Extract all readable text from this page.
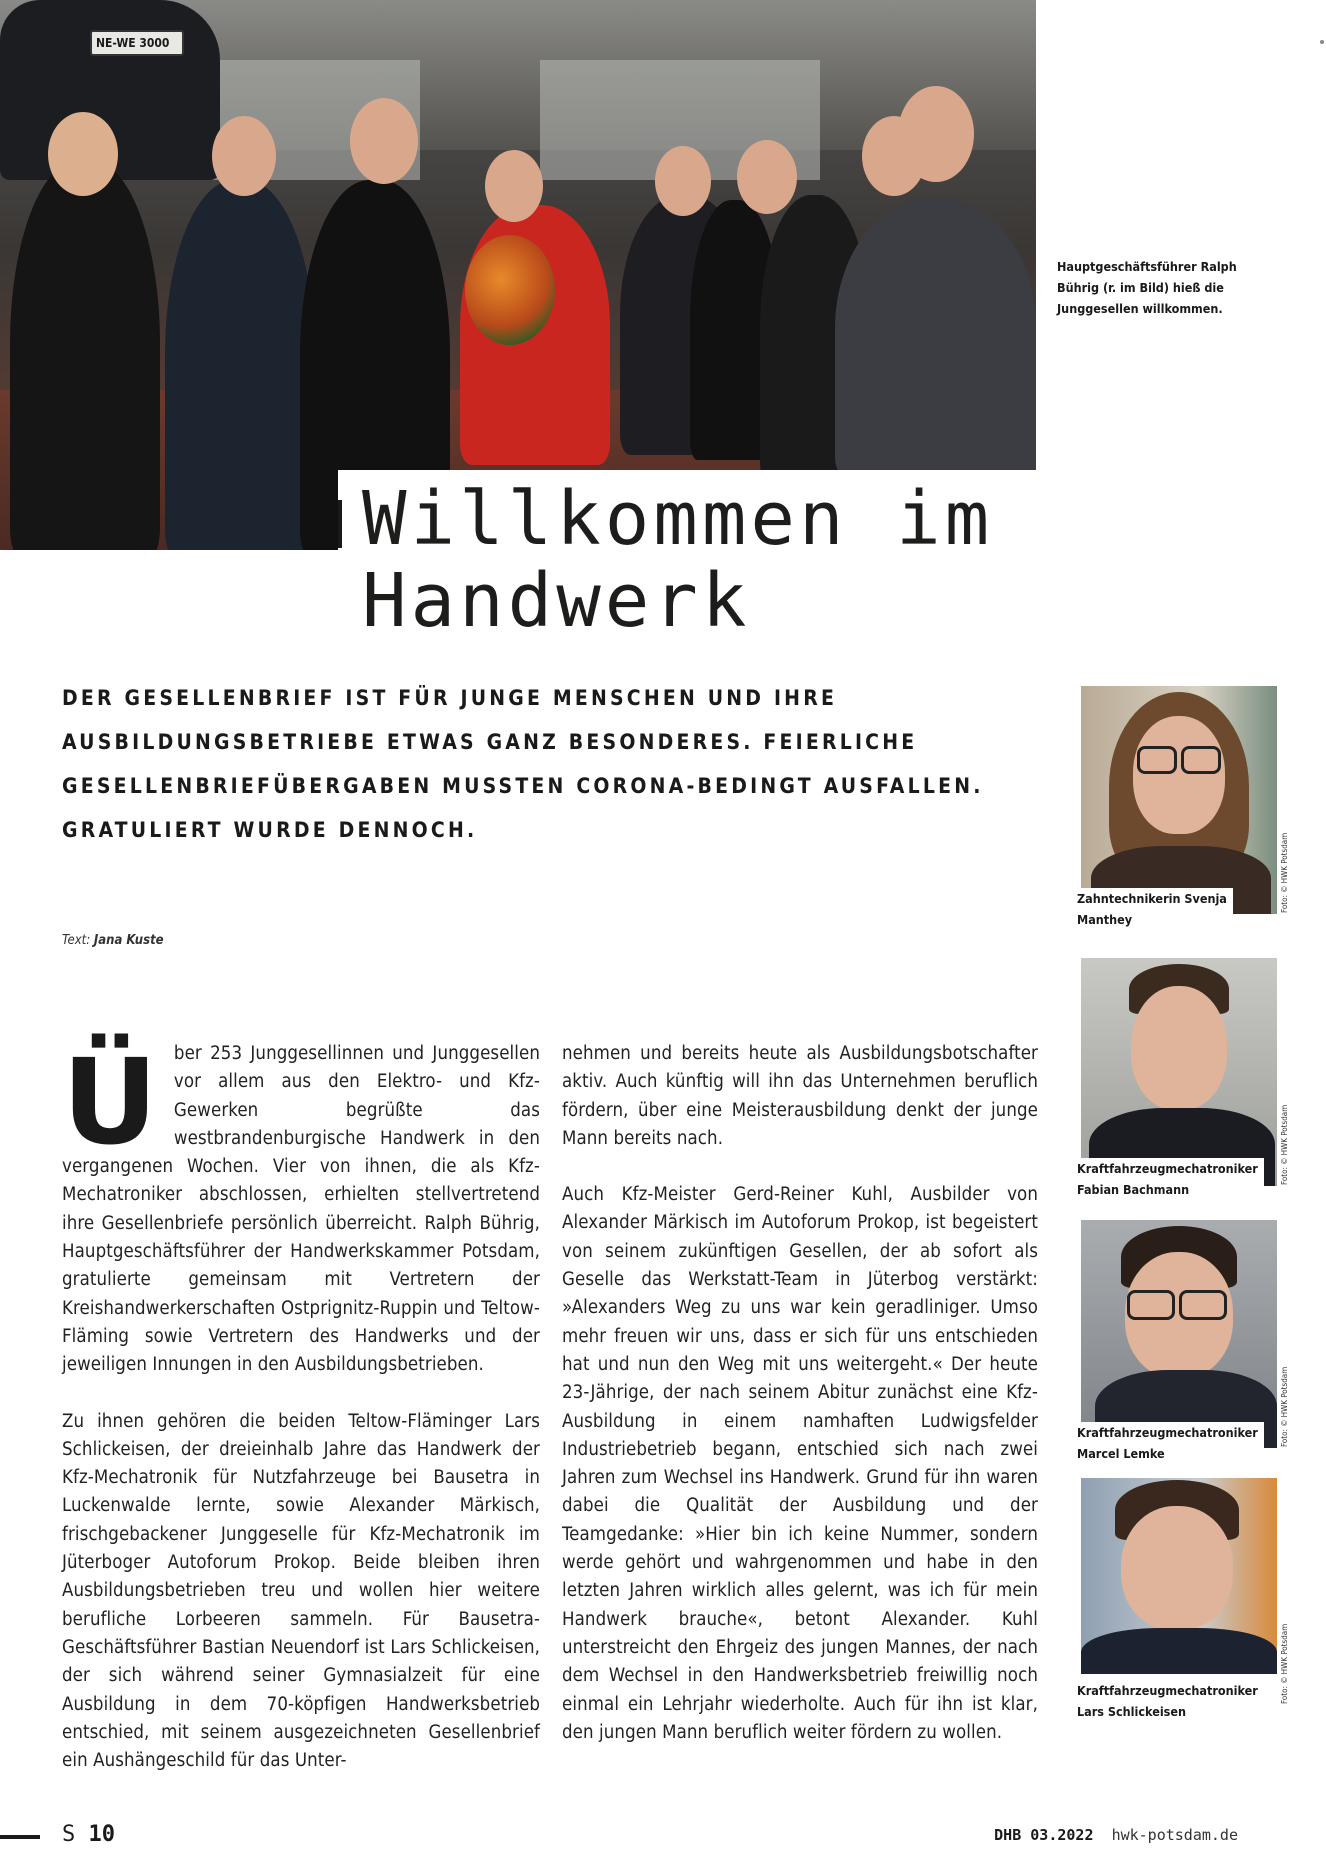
NE-WE 3000
Hauptgeschäftsführer Ralph Bührig (r. im Bild) hieß die Junggesellen willkommen.
Willkommen im
Handwerk

DER GESELLENBRIEF IST FÜR JUNGE MENSCHEN UND IHRE AUSBILDUNGSBETRIEBE ETWAS GANZ BESONDERES. FEIERLICHE GESELLENBRIEFÜBERGABEN MUSSTEN CORONA-BEDINGT AUSFALLEN. GRATULIERT WURDE DENNOCH.

Text: Jana Kuste

Über 253 Junggesellinnen und Junggesellen vor allem aus den Elektro- und Kfz-Gewerken begrüßte das westbrandenburgische Handwerk in den vergangenen Wochen. Vier von ihnen, die als Kfz-Mechatroniker abschlossen, erhielten stellvertretend ihre Gesellenbriefe persönlich überreicht. Ralph Bührig, Hauptgeschäftsführer der Handwerkskammer Potsdam, gratulierte gemeinsam mit Vertretern der Kreishandwerkerschaften Ostprignitz-Ruppin und Teltow-Fläming sowie Vertretern des Handwerks und der jeweiligen Innungen in den Ausbildungsbetrieben.

Zu ihnen gehören die beiden Teltow-Fläminger Lars Schlickeisen, der dreieinhalb Jahre das Handwerk der Kfz-Mechatronik für Nutzfahrzeuge bei Bausetra in Luckenwalde lernte, sowie Alexander Märkisch, frischgebackener Junggeselle für Kfz-Mechatronik im Jüterboger Autoforum Prokop. Beide bleiben ihren Ausbildungsbetrieben treu und wollen hier weitere berufliche Lorbeeren sammeln. Für Bausetra-Geschäftsführer Bastian Neuendorf ist Lars Schlickeisen, der sich während seiner Gymnasialzeit für eine Ausbildung in dem 70-köpfigen Handwerksbetrieb entschied, mit seinem ausgezeichneten Gesellenbrief ein Aushängeschild für das Unter-

nehmen und bereits heute als Ausbildungsbotschafter aktiv. Auch künftig will ihn das Unternehmen beruflich fördern, über eine Meisterausbildung denkt der junge Mann bereits nach.

Auch Kfz-Meister Gerd-Reiner Kuhl, Ausbilder von Alexander Märkisch im Autoforum Prokop, ist begeistert von seinem zukünftigen Gesellen, der ab sofort als Geselle das Werkstatt-Team in Jüterbog verstärkt: »Alexanders Weg zu uns war kein geradliniger. Umso mehr freuen wir uns, dass er sich für uns entschieden hat und nun den Weg mit uns weitergeht.« Der heute 23-Jährige, der nach seinem Abitur zunächst eine Kfz-Ausbildung in einem namhaften Ludwigsfelder Industriebetrieb begann, entschied sich nach zwei Jahren zum Wechsel ins Handwerk. Grund für ihn waren dabei die Qualität der Ausbildung und der Teamgedanke: »Hier bin ich keine Nummer, sondern werde gehört und wahrgenommen und habe in den letzten Jahren wirklich alles gelernt, was ich für mein Handwerk brauche«, betont Alexander. Kuhl unterstreicht den Ehrgeiz des jungen Mannes, der nach dem Wechsel in den Handwerksbetrieb freiwillig noch einmal ein Lehrjahr wiederholte. Auch für ihn ist klar, den jungen Mann beruflich weiter fördern zu wollen.

Foto: © HWK Potsdam
Zahntechnikerin Svenja
Manthey
Foto: © HWK Potsdam
Kraftfahrzeugmechatroniker
Fabian Bachmann
Foto: © HWK Potsdam
Kraftfahrzeugmechatroniker
Marcel Lemke
Foto: © HWK Potsdam
Kraftfahrzeugmechatroniker
Lars Schlickeisen
S 10	DHB 03.2022 hwk-potsdam.de
